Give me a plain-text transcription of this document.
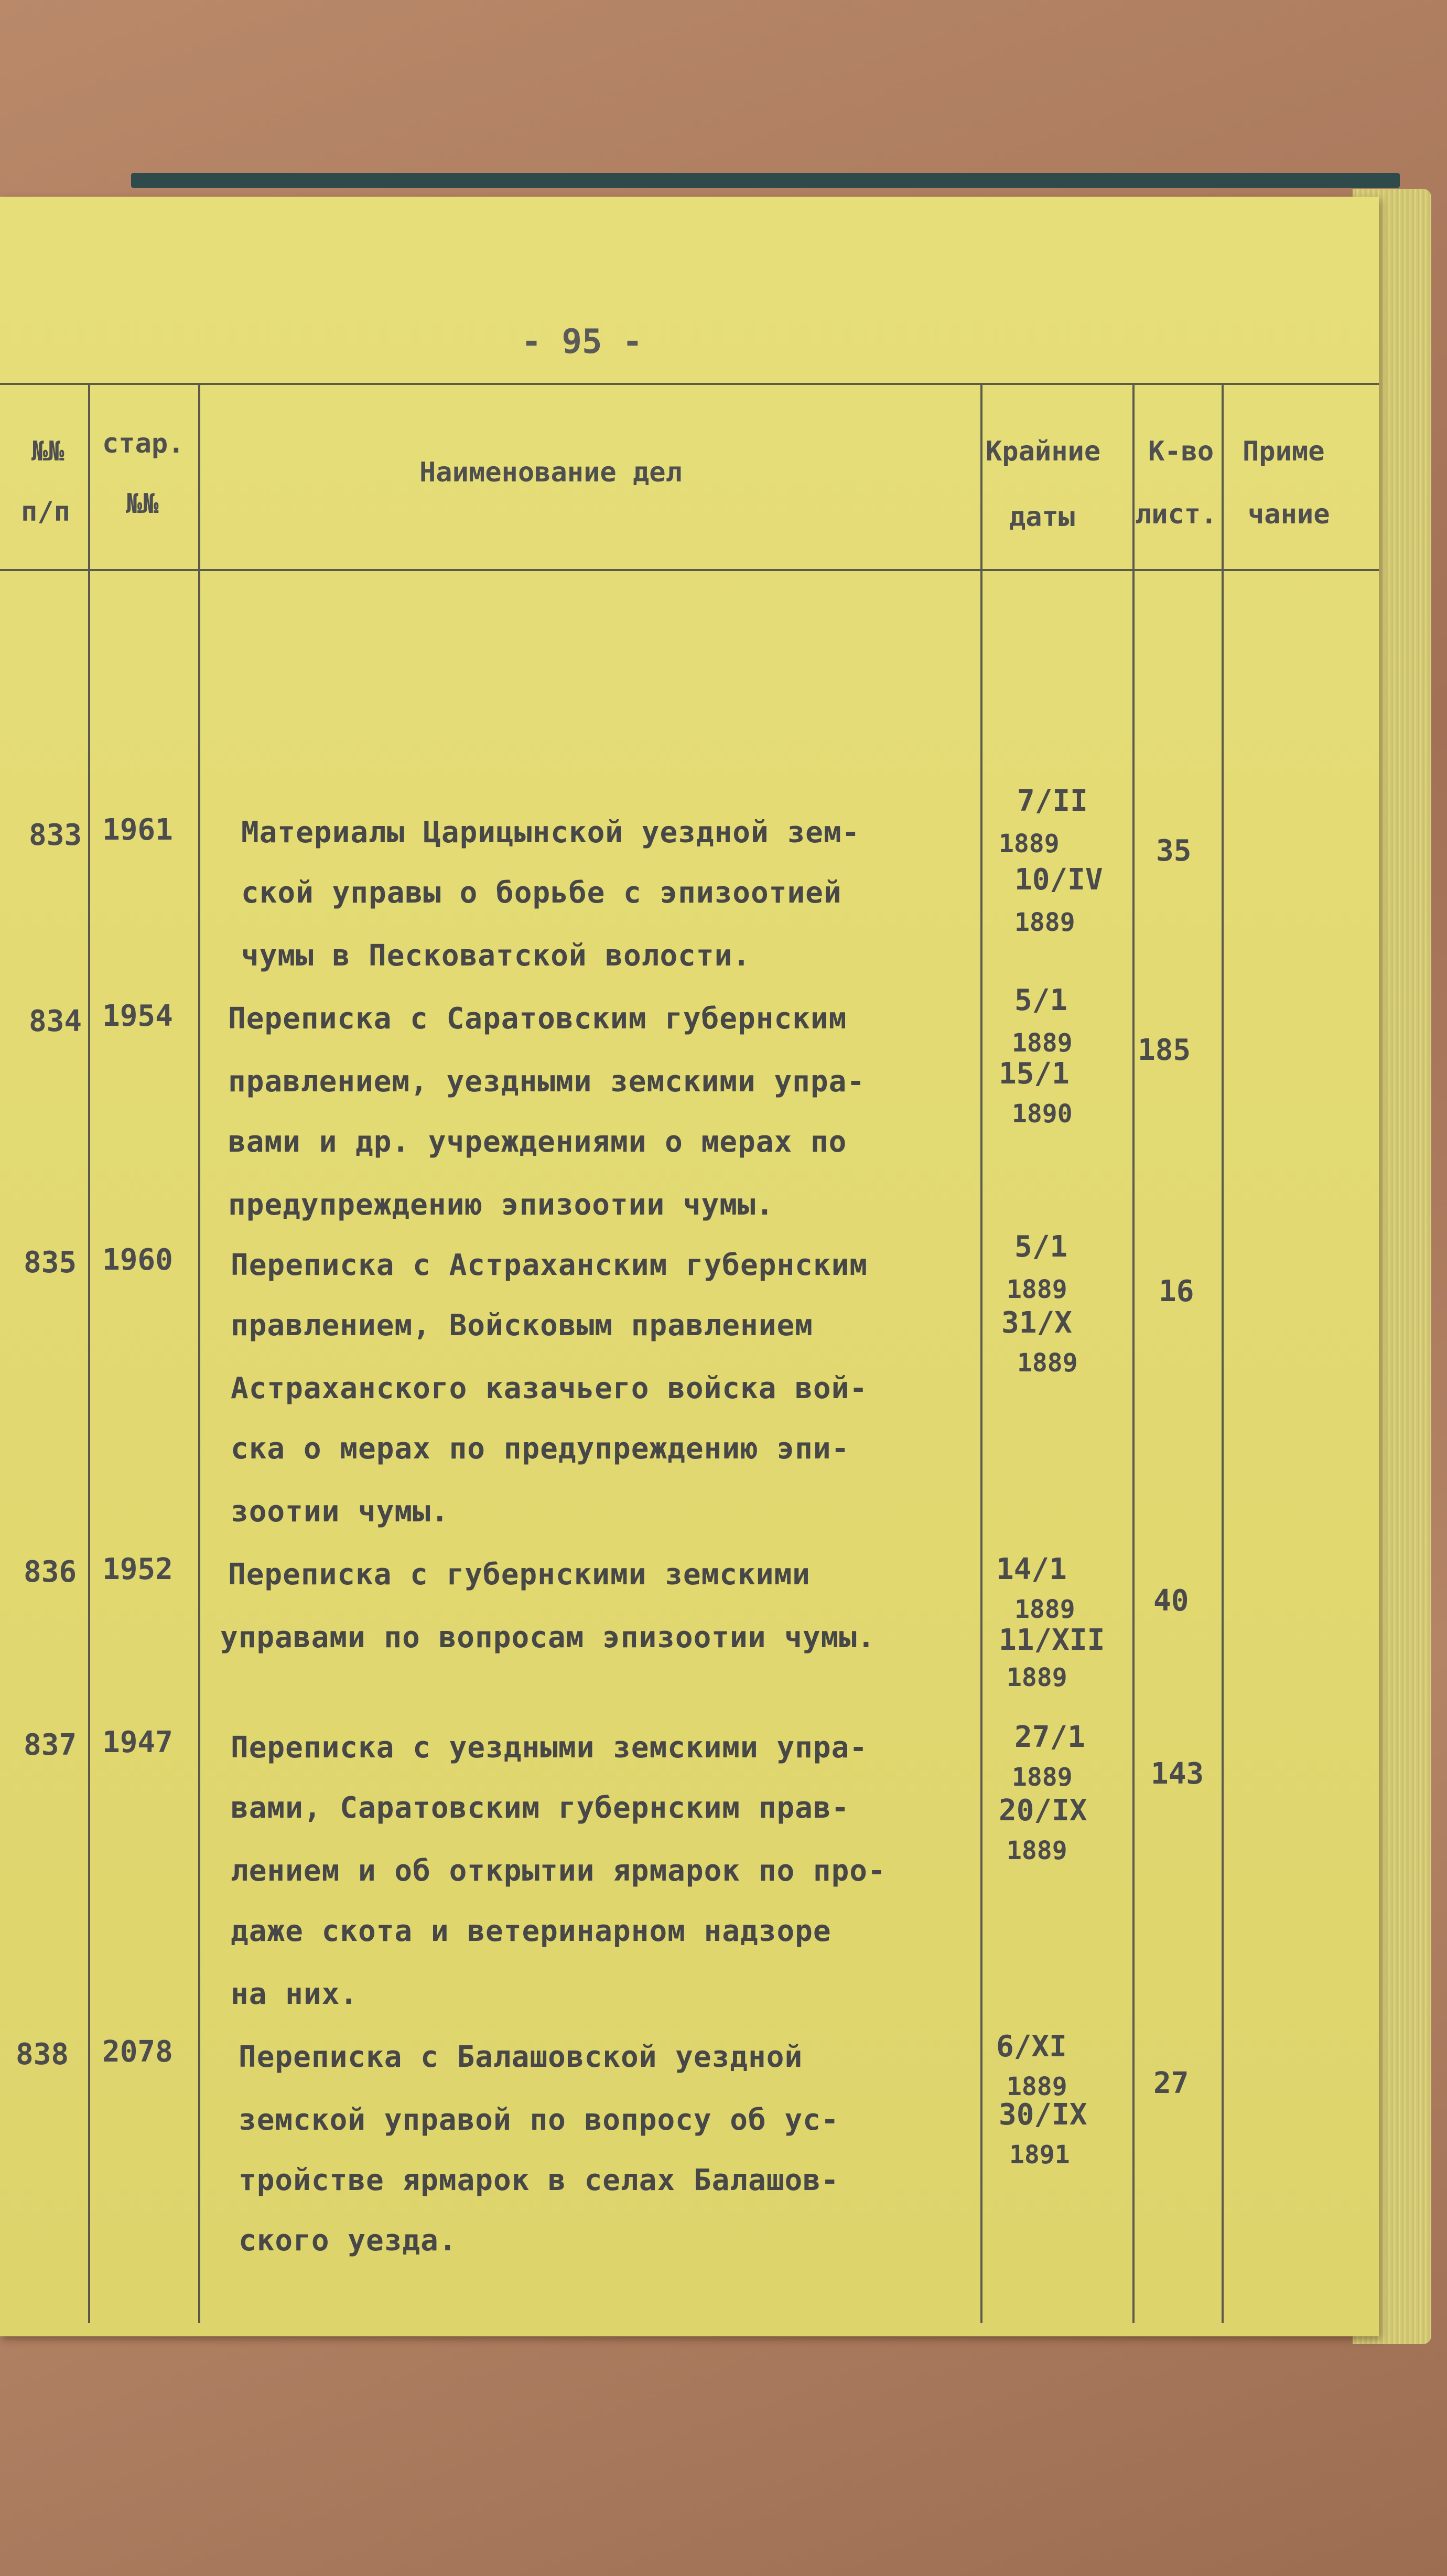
- 95 -
№№
п/п
стар.
№№
Наименование дел
Крайние
даты
К-во
лист.
Приме
чание
833 1961 Материалы Царицынской уездной зем-
ской управы о борьбе с эпизоотией
чумы в Песковатской волости.
7/II
1889
10/IV
1889
35
834 1954 Переписка с Саратовским губернским
правлением, уездными земскими упра-
вами и др. учреждениями о мерах по
предупреждению эпизоотии чумы.
5/1
1889
15/1
1890
185
835 1960 Переписка с Астраханским губернским
правлением, Войсковым правлением
Астраханского казачьего войска вой-
ска о мерах по предупреждению эпи-
зоотии чумы.
5/1
1889
31/X
1889
16
836 1952 Переписка с губернскими земскими
управами по вопросам эпизоотии чумы.
14/1
1889
11/XII
1889
40
837 1947 Переписка с уездными земскими упра-
вами, Саратовским губернским прав-
лением и об открытии ярмарок по про-
даже скота и ветеринарном надзоре
на них.
27/1
1889
20/IX
1889
143
838 2078 Переписка с Балашовской уездной
земской управой по вопросу об ус-
тройстве ярмарок в селах Балашов-
ского уезда.
6/XI
1889
30/IX
1891
27
